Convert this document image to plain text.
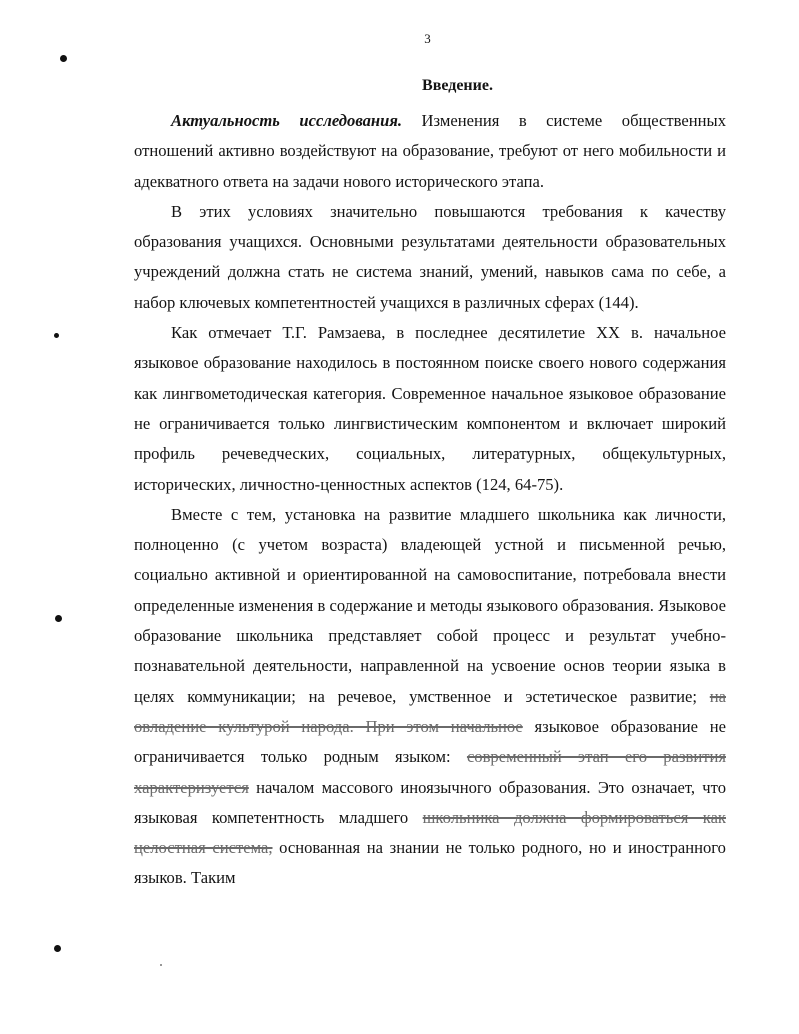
3
Введение.

Актуальность исследования. Изменения в системе общественных отношений активно воздействуют на образование, требуют от него мобильности и адекватного ответа на задачи нового исторического этапа.

В этих условиях значительно повышаются требования к качеству образования учащихся. Основными результатами деятельности образовательных учреждений должна стать не система знаний, умений, навыков сама по себе, а набор ключевых компетентностей учащихся в различных сферах (144).

Как отмечает Т.Г. Рамзаева, в последнее десятилетие XX в. начальное языковое образование находилось в постоянном поиске своего нового содержания как лингвометодическая категория. Современное начальное языковое образование не ограничивается только лингвистическим компонентом и включает широкий профиль речеведческих, социальных, литературных, общекультурных, исторических, личностно-ценностных аспектов (124, 64-75).

Вместе с тем, установка на развитие младшего школьника как личности, полноценно (с учетом возраста) владеющей устной и письменной речью, социально активной и ориентированной на самовоспитание, потребовала внести определенные изменения в содержание и методы языкового образования. Языковое образование школьника представляет собой процесс и результат учебно-познавательной деятельности, направленной на усвоение основ теории языка в целях коммуникации; на речевое, умственное и эстетическое развитие; на овладение культурой народа. При этом начальное языковое образование не ограничивается только родным языком: современный этап его развития характеризуется началом массового иноязычного образования. Это означает, что языковая компетентность младшего школьника должна формироваться как целостная система, основанная на знании не только родного, но и иностранного языков. Таким
